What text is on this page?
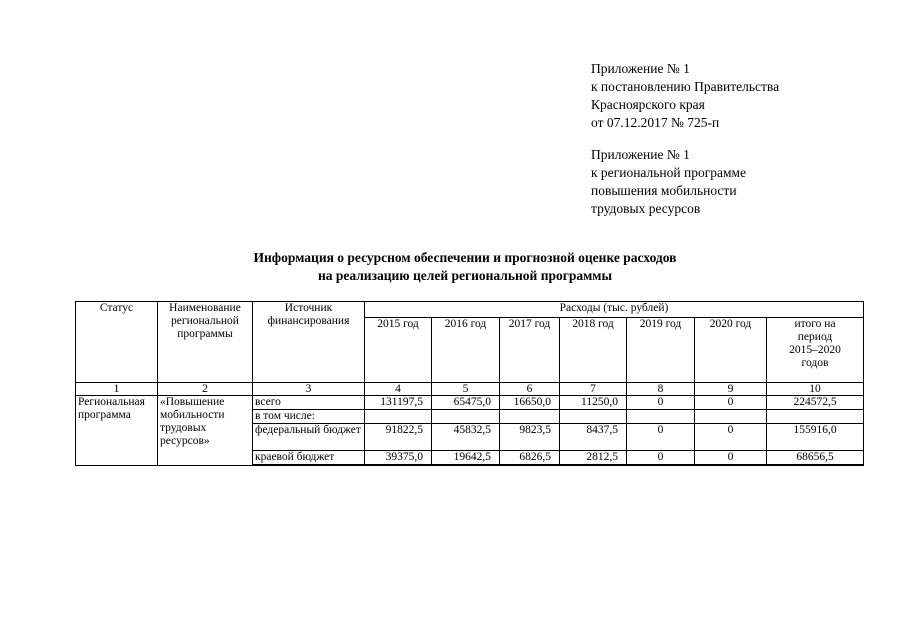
Приложение № 1
к постановлению Правительства
Красноярского края
от 07.12.2017 № 725-п
Приложение № 1
к региональной программе
повышения мобильности
трудовых ресурсов
Информация о ресурсном обеспечении и прогнозной оценке расходов
на реализацию целей региональной программы
Статус	Наименование региональной программы	Источник финансирования	Расходы (тыс. рублей)						
			2015 год	2016 год	2017 год	2018 год	2019 год	2020 год	итого на период 2015–2020 годов
1	2	3	4	5	6	7	8	9	10
Региональная программа	«Повышение мобильности трудовых ресурсов»	всего	131197,5	65475,0	16650,0	11250,0	0	0	224572,5
		в том числе:							
		федеральный бюджет	91822,5	45832,5	9823,5	8437,5	0	0	155916,0
		краевой бюджет	39375,0	19642,5	6826,5	2812,5	0	0	68656,5
